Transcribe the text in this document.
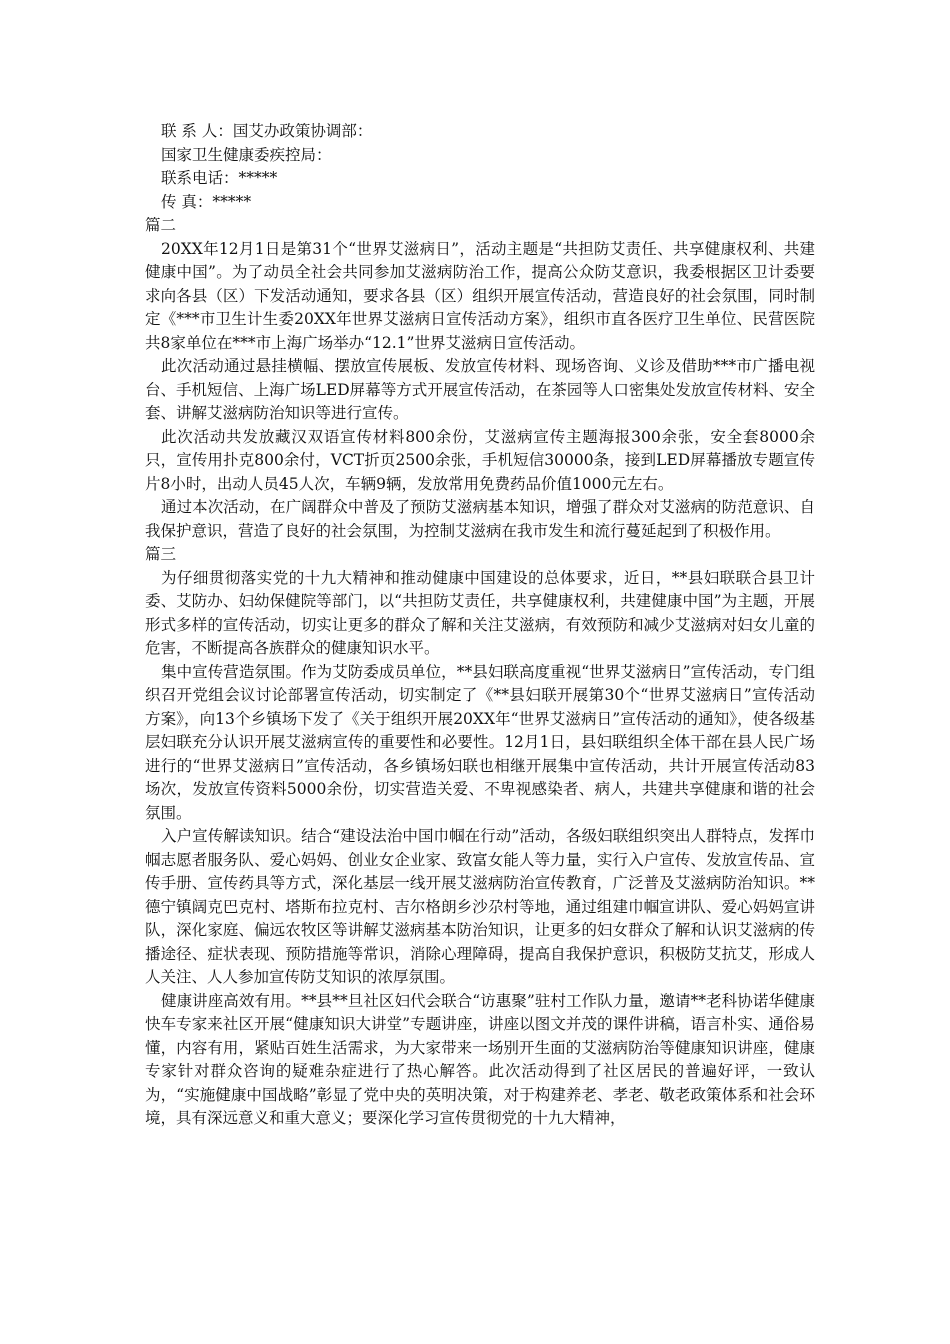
联 系 人：国艾办政策协调部：
国家卫生健康委疾控局：
联系电话：*****
传 真：*****

篇二

20XX年12月1日是第31个“世界艾滋病日”，活动主题是“共担防艾责任、共享健康权利、共建健康中国”。为了动员全社会共同参加艾滋病防治工作，提高公众防艾意识，我委根据区卫计委要求向各县（区）下发活动通知，要求各县（区）组织开展宣传活动，营造良好的社会氛围，同时制定《***市卫生计生委20XX年世界艾滋病日宣传活动方案》，组织市直各医疗卫生单位、民营医院共8家单位在***市上海广场举办“12.1”世界艾滋病日宣传活动。

此次活动通过悬挂横幅、摆放宣传展板、发放宣传材料、现场咨询、义诊及借助***市广播电视台、手机短信、上海广场LED屏幕等方式开展宣传活动，在茶园等人口密集处发放宣传材料、安全套、讲解艾滋病防治知识等进行宣传。

此次活动共发放藏汉双语宣传材料800余份，艾滋病宣传主题海报300余张，安全套8000余只，宣传用扑克800余付，VCT折页2500余张，手机短信30000条，接到LED屏幕播放专题宣传片8小时，出动人员45人次，车辆9辆，发放常用免费药品价值1000元左右。

通过本次活动，在广阔群众中普及了预防艾滋病基本知识，增强了群众对艾滋病的防范意识、自我保护意识，营造了良好的社会氛围，为控制艾滋病在我市发生和流行蔓延起到了积极作用。

篇三

为仔细贯彻落实党的十九大精神和推动健康中国建设的总体要求，近日，**县妇联联合县卫计委、艾防办、妇幼保健院等部门，以“共担防艾责任，共享健康权利，共建健康中国”为主题，开展形式多样的宣传活动，切实让更多的群众了解和关注艾滋病，有效预防和减少艾滋病对妇女儿童的危害，不断提高各族群众的健康知识水平。

集中宣传营造氛围。作为艾防委成员单位，**县妇联高度重视“世界艾滋病日”宣传活动，专门组织召开党组会议讨论部署宣传活动，切实制定了《**县妇联开展第30个“世界艾滋病日”宣传活动方案》，向13个乡镇场下发了《关于组织开展20XX年“世界艾滋病日”宣传活动的通知》，使各级基层妇联充分认识开展艾滋病宣传的重要性和必要性。12月1日，县妇联组织全体干部在县人民广场进行的“世界艾滋病日”宣传活动，各乡镇场妇联也相继开展集中宣传活动，共计开展宣传活动83场次，发放宣传资料5000余份，切实营造关爱、不卑视感染者、病人，共建共享健康和谐的社会氛围。

入户宣传解读知识。结合“建设法治中国巾帼在行动”活动，各级妇联组织突出人群特点，发挥巾帼志愿者服务队、爱心妈妈、创业女企业家、致富女能人等力量，实行入户宣传、发放宣传品、宣传手册、宣传药具等方式，深化基层一线开展艾滋病防治宣传教育，广泛普及艾滋病防治知识。**德宁镇阔克巴克村、塔斯布拉克村、吉尔格朗乡沙尕村等地，通过组建巾帼宣讲队、爱心妈妈宣讲队，深化家庭、偏远农牧区等讲解艾滋病基本防治知识，让更多的妇女群众了解和认识艾滋病的传播途径、症状表现、预防措施等常识，消除心理障碍，提高自我保护意识，积极防艾抗艾，形成人人关注、人人参加宣传防艾知识的浓厚氛围。

健康讲座高效有用。**县**旦社区妇代会联合“访惠聚”驻村工作队力量，邀请**老科协诺华健康快车专家来社区开展“健康知识大讲堂”专题讲座，讲座以图文并茂的课件讲稿，语言朴实、通俗易懂，内容有用，紧贴百姓生活需求，为大家带来一场别开生面的艾滋病防治等健康知识讲座，健康专家针对群众咨询的疑难杂症进行了热心解答。此次活动得到了社区居民的普遍好评，一致认为，“实施健康中国战略”彰显了党中央的英明决策，对于构建养老、孝老、敬老政策体系和社会环境，具有深远意义和重大意义；要深化学习宣传贯彻党的十九大精神，
